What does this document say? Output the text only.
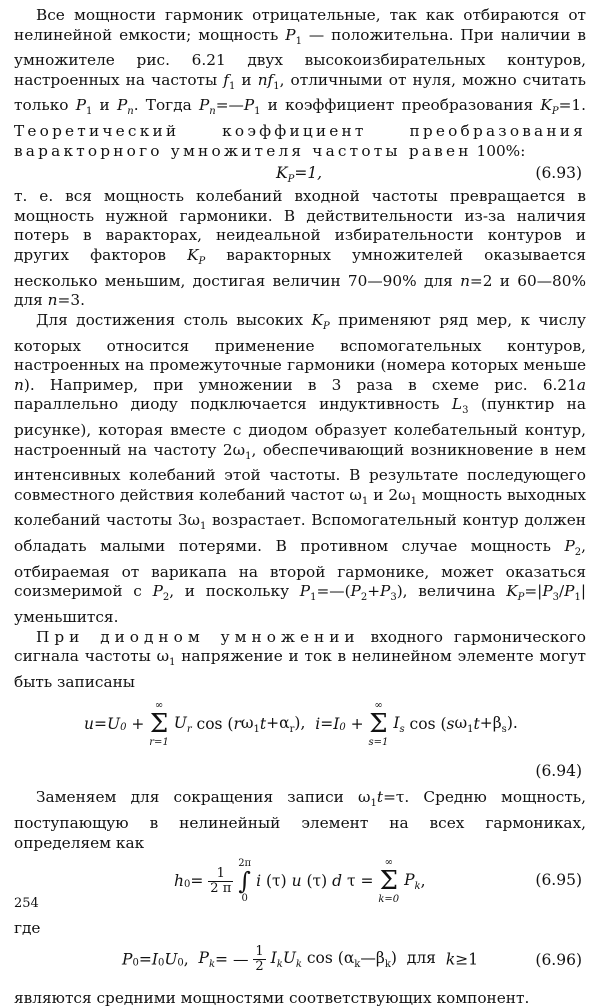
Все мощности гармоник отрицательные, так как отбираются от нелинейной емкости; мощность $P_1$ — положительна. При наличии в умножителе рис. 6.21 двух высокоизбирательных контуров, настроенных на частоты $f_1$ и $nf_1$, отличными от нуля, можно считать только $P_1$ и $P_n$. Тогда $P_n=—P_1$ и коэффициент преобразования $K_P=1$. Теоретический коэффициент преобразования варакторного умножителя частоты равен 100%:

$K_P=1$,	(6.93)

т. е. вся мощность колебаний входной частоты превращается в мощность нужной гармоники. В действительности из-за наличия потерь в варакторах, неидеальной избирательности контуров и других факторов $K_P$ варакторных умножителей оказывается несколько меньшим, достигая величин 70—90% для n=2 и 60—80% для n=3.

Для достижения столь высоких $K_P$ применяют ряд мер, к числу которых относится применение вспомогательных контуров, настроенных на промежуточные гармоники (номера которых меньше n). Например, при умножении в 3 раза в схеме рис. 6.21а параллельно диоду подключается индуктивность $L_3$ (пунктир на рисунке), которая вместе с диодом образует колебательный контур, настроенный на частоту $2\omega_1$, обеспечивающий возникновение в нем интенсивных колебаний этой частоты. В результате последующего совместного действия колебаний частот $\omega_1$ и $2\omega_1$ мощность выходных колебаний частоты $3\omega_1$ возрастает. Вспомогательный контур должен обладать малыми потерями. В противном случае мощность $P_2$, отбираемая от варикапа на второй гармонике, может оказаться соизмеримой с $P_2$, и поскольку $P_1=—(P_2+P_3)$, величина $K_P=|P_3/P_1|$ уменьшится.

При диодном умножении входного гармонического сигнала частоты $\omega_1$ напряжение и ток в нелинейном элементе могут быть записаны

$u=U_0$ +
∞
Σ
r=1
$U_r$ $\cos (r\omega_1t+\alpha_r)$,  $i=I_0$ +
∞
Σ
s=1
$I_s$ $\cos (s\omega_1t+\beta_s)$.
(6.94)

Заменяем для сокращения записи $\omega_1t=\tau$. Средню мощность, поступающую в нелинейный элемент на всех гармониках, определяем как

$h_0= \frac{1}{2 \pi}$

2π
∫
0
i (τ) u (τ) d τ =
∞
Σ
k=0
$P_k$,	(6.95)

где

$P_0=I_0U_0$,  $P_k=$ — $\frac{1}{2} I_kU_k$ $\cos (\alpha_k—\beta_k)$  для  k≥1	(6.96)

являются средними мощностями соответствующих компонент.

254
